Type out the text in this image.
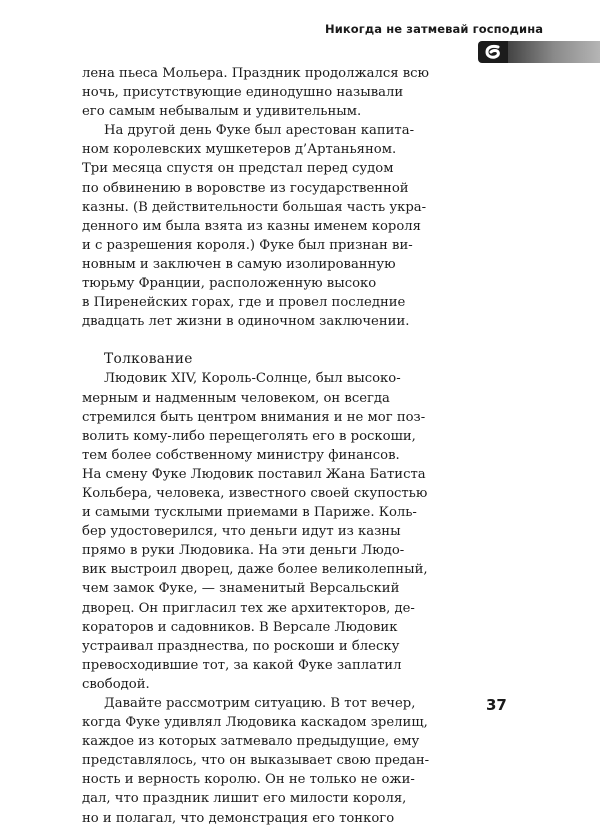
Никогда не затмевай господина
лена пьеса Мольера. Праздник продолжался всю
ночь, присутствующие единодушно называли
его самым небывалым и удивительным.
На другой день Фуке был арестован капита-
ном королевских мушкетеров д’Артаньяном.
Три месяца спустя он предстал перед судом
по обвинению в воровстве из государственной
казны. (В действительности большая часть укра-
денного им была взята из казны именем короля
и с разрешения короля.) Фуке был признан ви-
новным и заключен в самую изолированную
тюрьму Франции, расположенную высоко
в Пиренейских горах, где и провел последние
двадцать лет жизни в одиночном заключении.
Толкование
Людовик XIV, Король-Солнце, был высоко-
мерным и надменным человеком, он всегда
стремился быть центром внимания и не мог поз-
волить кому-либо перещеголять его в роскоши,
тем более собственному министру финансов.
На смену Фуке Людовик поставил Жана Батиста
Кольбера, человека, известного своей скупостью
и самыми тусклыми приемами в Париже. Коль-
бер удостоверился, что деньги идут из казны
прямо в руки Людовика. На эти деньги Людо-
вик выстроил дворец, даже более великолепный,
чем замок Фуке, — знаменитый Версальский
дворец. Он пригласил тех же архитекторов, де-
кораторов и садовников. В Версале Людовик
устраивал празднества, по роскоши и блеску
превосходившие тот, за какой Фуке заплатил
свободой.
Давайте рассмотрим ситуацию. В тот вечер,
когда Фуке удивлял Людовика каскадом зрелищ,
каждое из которых затмевало предыдущие, ему
представлялось, что он выказывает свою предан-
ность и верность королю. Он не только не ожи-
дал, что праздник лишит его милости короля,
но и полагал, что демонстрация его тонкого
37
